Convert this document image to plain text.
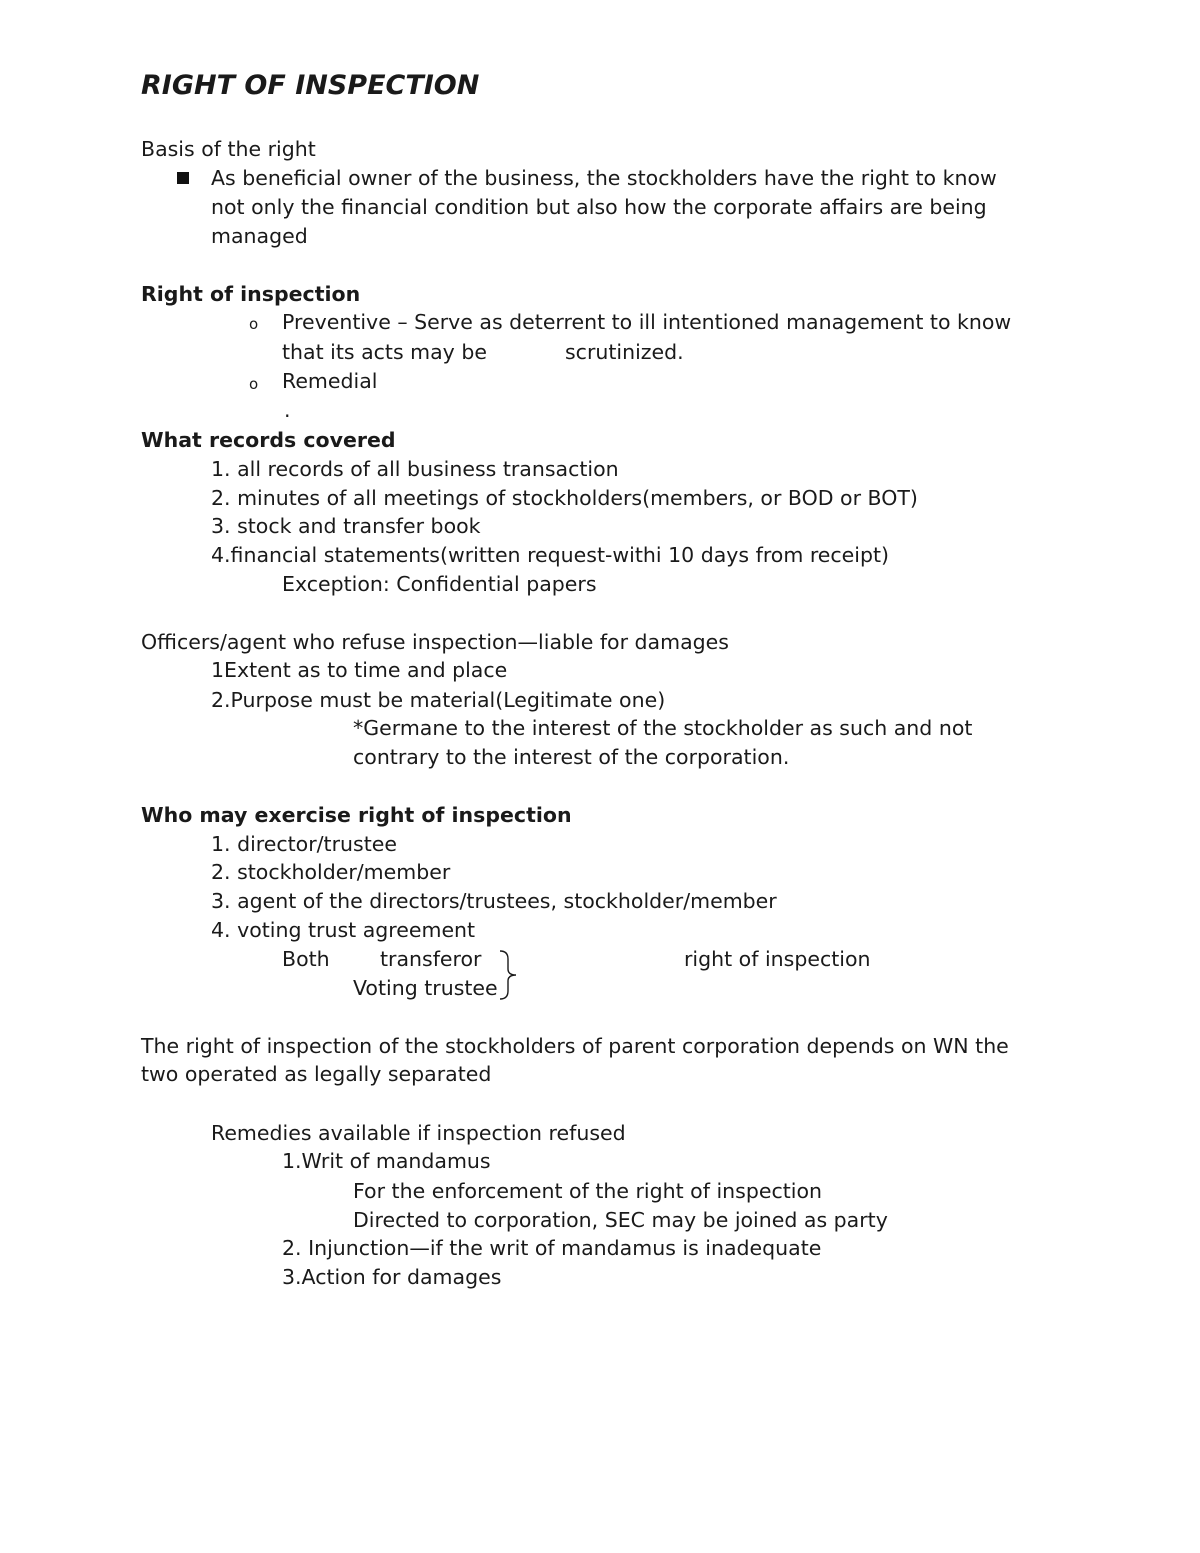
RIGHT OF INSPECTION
Basis of the right
As beneficial owner of the business, the stockholders have the right to know
not only the financial condition but also how the corporate affairs are being
managed
Right of inspection
o Preventive – Serve as deterrent to ill intentioned management to know
that its acts may be	scrutinized.
o Remedial
.
What records covered
1. all records of all business transaction
2. minutes of all meetings of stockholders(members, or BOD or BOT)
3. stock and transfer book
4.financial statements(written request-withi 10 days from receipt)
Exception: Confidential papers
Officers/agent who refuse inspection—liable for damages
1Extent as to time and place
2.Purpose must be material(Legitimate one)
*Germane to the interest of the stockholder as such and not
contrary to the interest of the corporation.
Who may exercise right of inspection
1. director/trustee
2. stockholder/member
3. agent of the directors/trustees, stockholder/member
4. voting trust agreement
Both transferor	right of inspection
Voting trustee
The right of inspection of the stockholders of parent corporation depends on WN the
two operated as legally separated
Remedies available if inspection refused
1.Writ of mandamus
For the enforcement of the right of inspection
Directed to corporation, SEC may be joined as party
2. Injunction—if the writ of mandamus is inadequate
3.Action for damages
